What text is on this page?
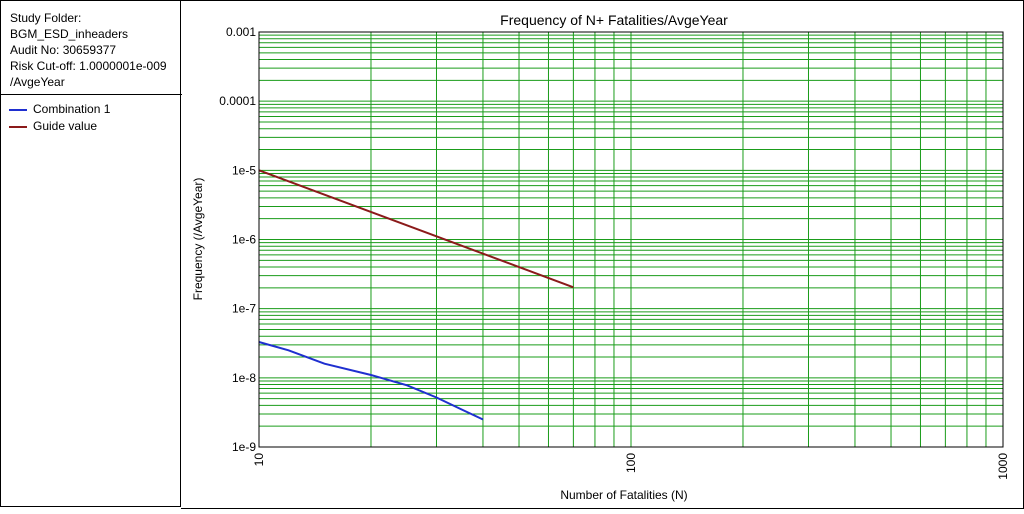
Study Folder:
BGM_ESD_inheaders
Audit No: 30659377
Risk Cut-off: 1.0000001e-009
/AvgeYear
Combination 1
Guide value
10	100	1000
0.001
0.0001
1e-5
1e-6
1e-7
1e-8
1e-9
Frequency of N+ Fatalities/AvgeYear
Number of Fatalities (N)
Frequency (/AvgeYear)
